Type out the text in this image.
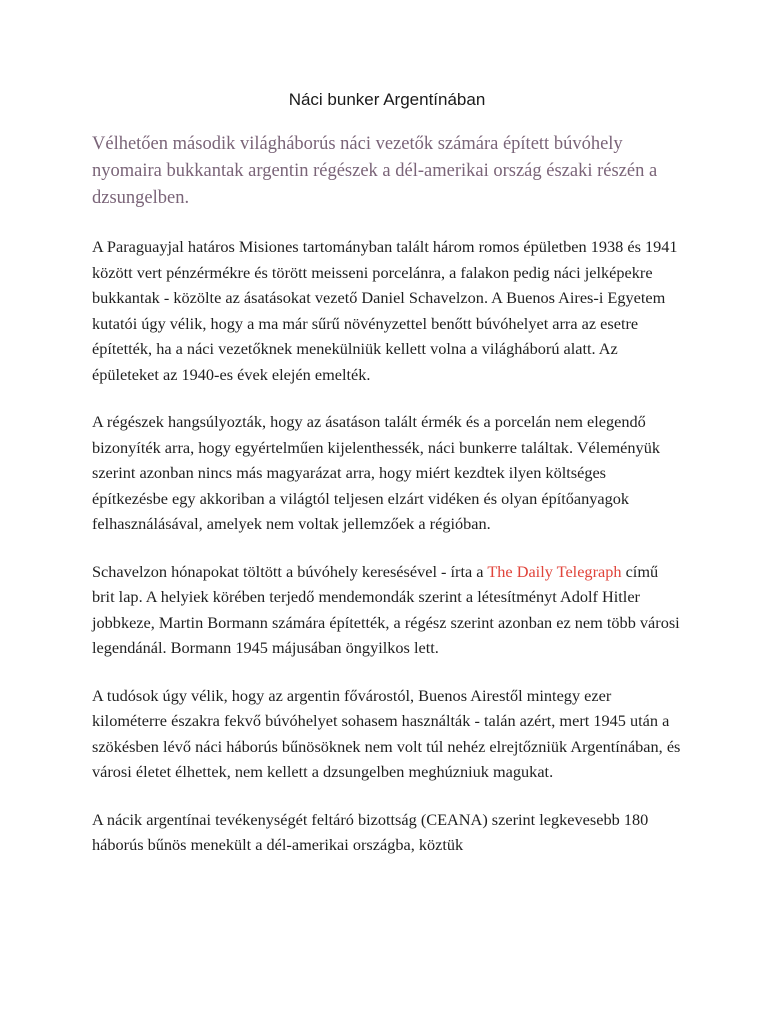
Náci bunker Argentínában

Vélhetően második világháborús náci vezetők számára épített búvóhely nyomaira bukkantak argentin régészek a dél-amerikai ország északi részén a dzsungelben.

A Paraguayjal határos Misiones tartományban talált három romos épületben 1938 és 1941 között vert pénzérmékre és törött meisseni porcelánra, a falakon pedig náci jelképekre bukkantak - közölte az ásatásokat vezető Daniel Schavelzon. A Buenos Aires-i Egyetem kutatói úgy vélik, hogy a ma már sűrű növényzettel benőtt búvóhelyet arra az esetre építették, ha a náci vezetőknek menekülniük kellett volna a világháború alatt. Az épületeket az 1940-es évek elején emelték.

A régészek hangsúlyozták, hogy az ásatáson talált érmék és a porcelán nem elegendő bizonyíték arra, hogy egyértelműen kijelenthessék, náci bunkerre találtak. Véleményük szerint azonban nincs más magyarázat arra, hogy miért kezdtek ilyen költséges építkezésbe egy akkoriban a világtól teljesen elzárt vidéken és olyan építőanyagok felhasználásával, amelyek nem voltak jellemzőek a régióban.

Schavelzon hónapokat töltött a búvóhely keresésével - írta a The Daily Telegraph című brit lap. A helyiek körében terjedő mendemondák szerint a létesítményt Adolf Hitler jobbkeze, Martin Bormann számára építették, a régész szerint azonban ez nem több városi legendánál. Bormann 1945 májusában öngyilkos lett.

A tudósok úgy vélik, hogy az argentin fővárostól, Buenos Airestől mintegy ezer kilométerre északra fekvő búvóhelyet sohasem használták - talán azért, mert 1945 után a szökésben lévő náci háborús bűnösöknek nem volt túl nehéz elrejtőzniük Argentínában, és városi életet élhettek, nem kellett a dzsungelben meghúzniuk magukat.

A nácik argentínai tevékenységét feltáró bizottság (CEANA) szerint legkevesebb 180 háborús bűnös menekült a dél-amerikai országba, köztük
